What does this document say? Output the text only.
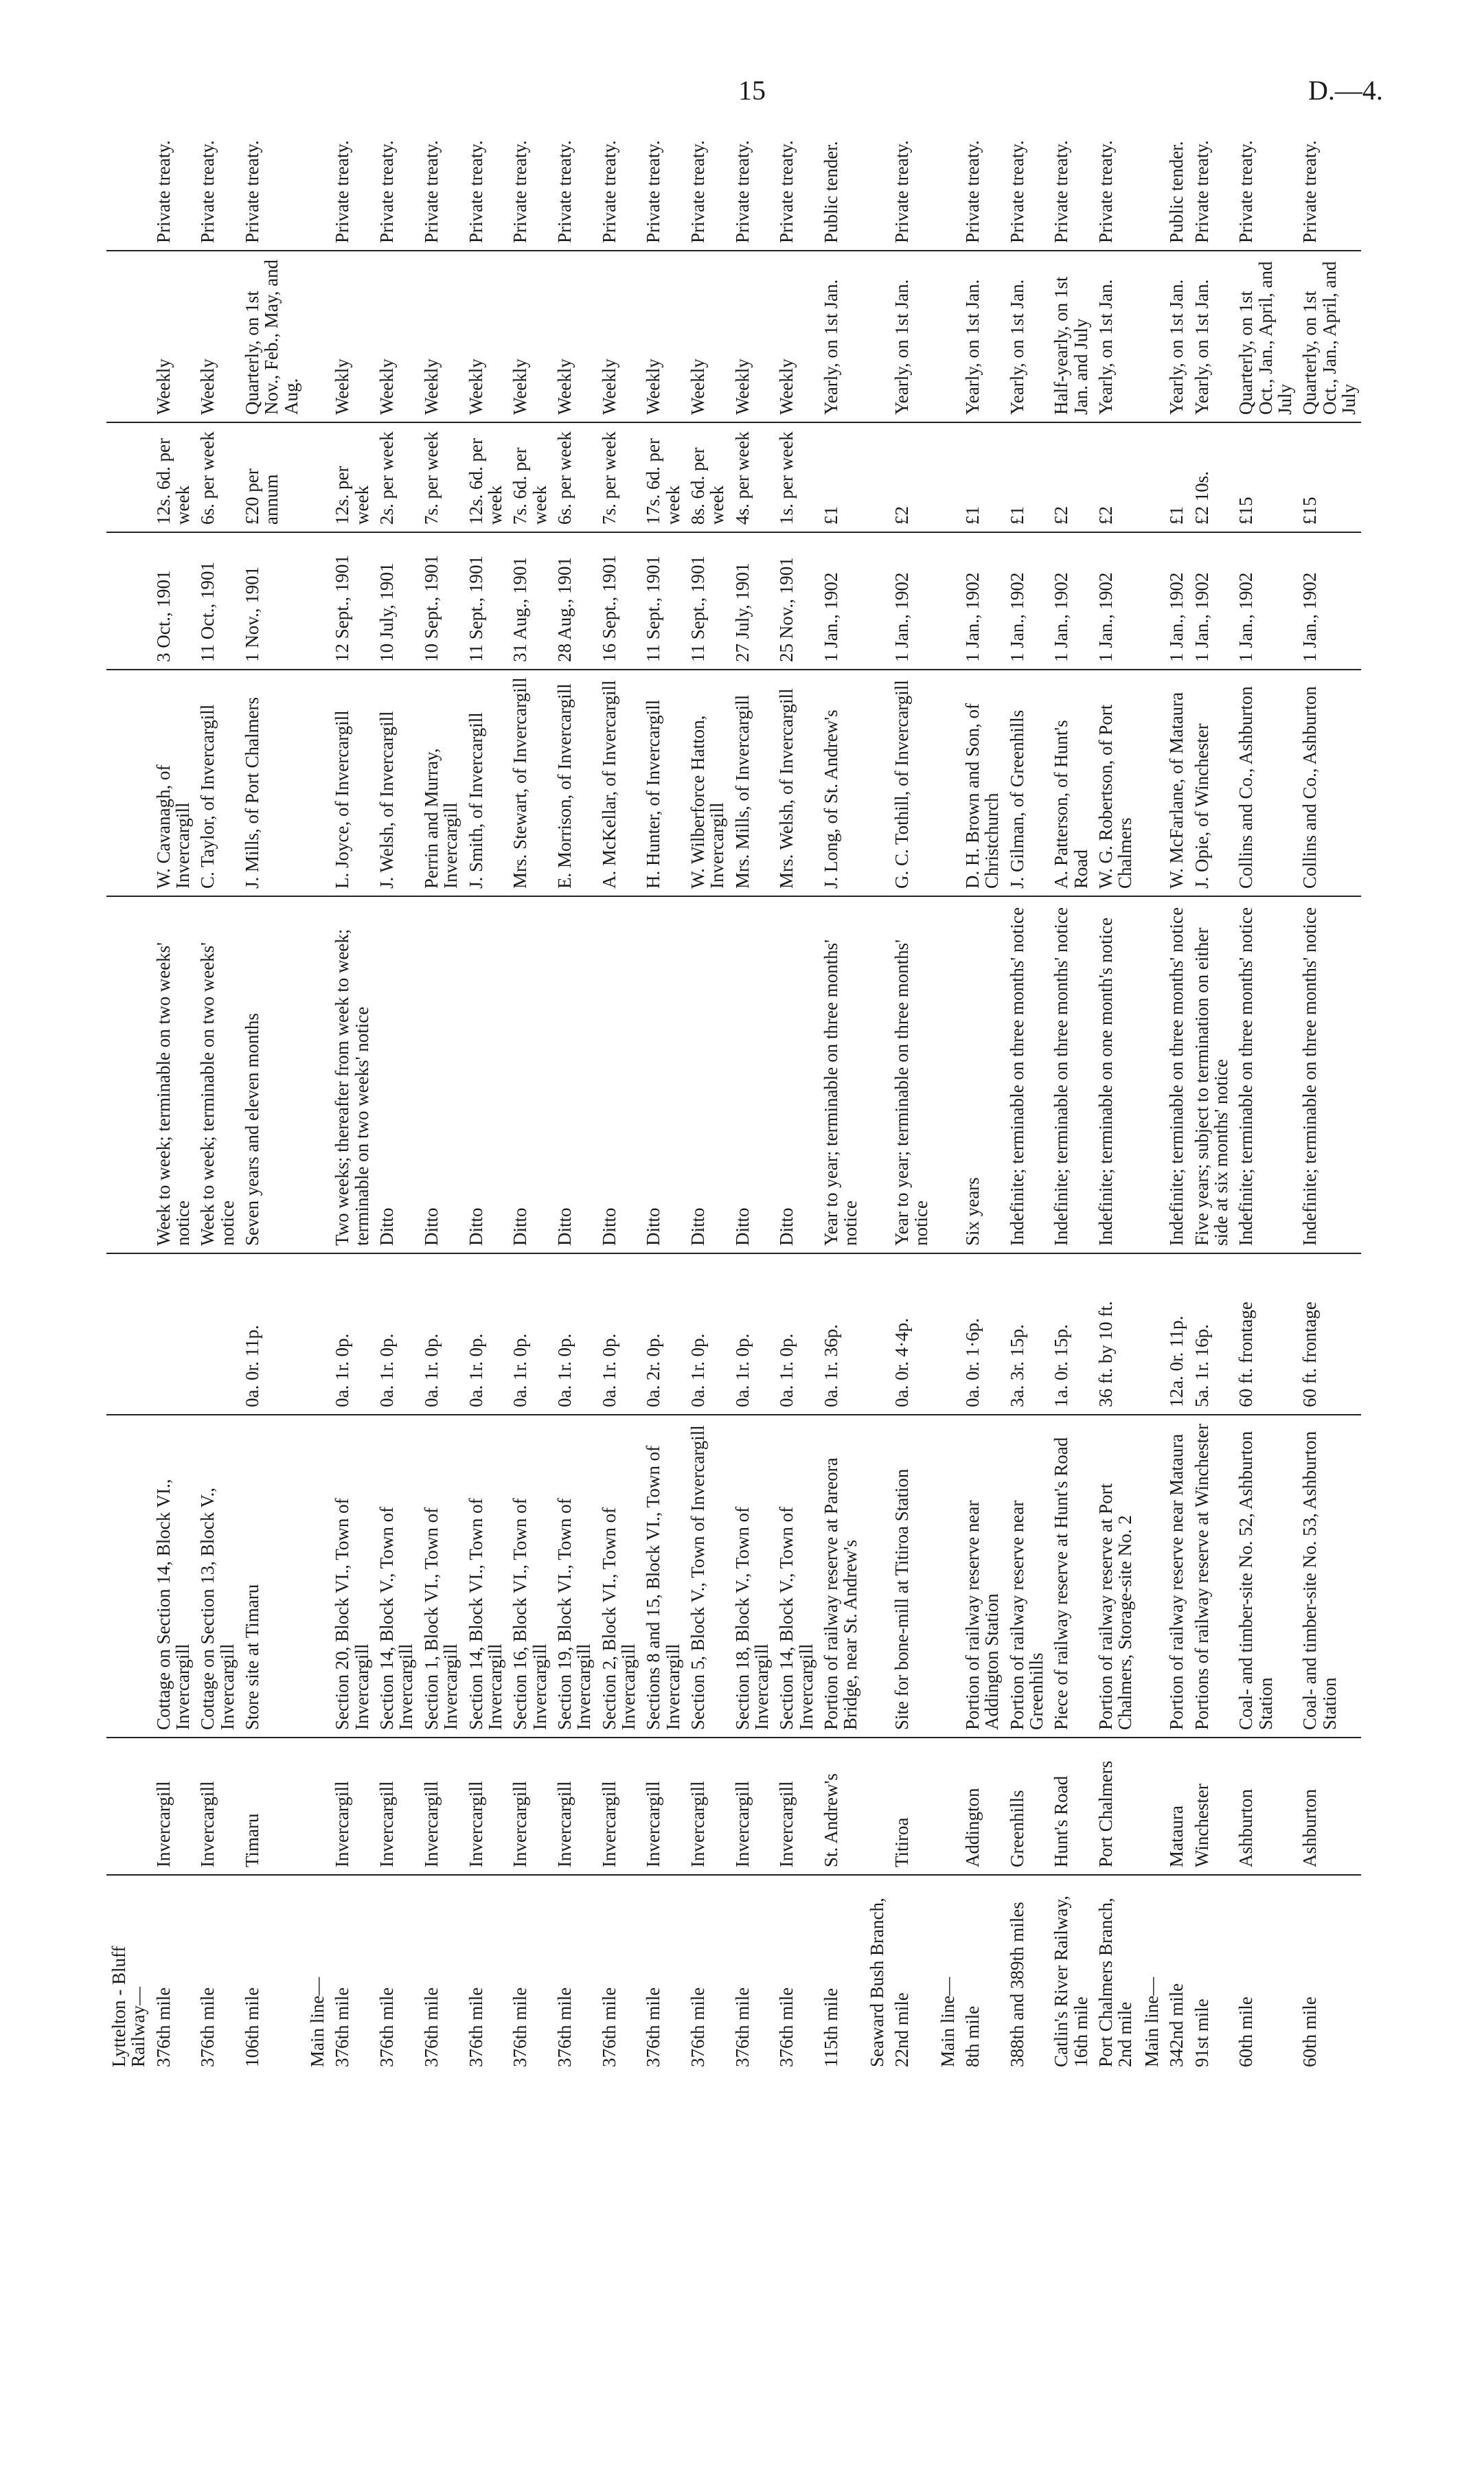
15	D.—4.
Lyttelton - Bluff Railway—									
376th mile	Invercargill	Cottage on Section 14, Block VI., Invercargill		Week to week; terminable on two weeks' notice	W. Cavanagh, of Invercargill	3 Oct., 1901	12s. 6d. per week	Weekly	Private treaty.
376th mile	Invercargill	Cottage on Section 13, Block V., Invercargill		Week to week; terminable on two weeks' notice	C. Taylor, of Invercargill	11 Oct., 1901	6s. per week	Weekly	Private treaty.
106th mile	Timaru	Store site at Timaru	0a. 0r. 11p.	Seven years and eleven months	J. Mills, of Port Chalmers	1 Nov., 1901	£20 per annum	Quarterly, on 1st Nov., Feb., May, and Aug.	Private treaty.
Main line—									
376th mile	Invercargill	Section 20, Block VI., Town of Invercargill	0a. 1r. 0p.	Two weeks; thereafter from week to week; terminable on two weeks' notice	L. Joyce, of Invercargill	12 Sept., 1901	12s. per week	Weekly	Private treaty.
376th mile	Invercargill	Section 14, Block V., Town of Invercargill	0a. 1r. 0p.	Ditto	J. Welsh, of Invercargill	10 July, 1901	2s. per week	Weekly	Private treaty.
376th mile	Invercargill	Section 1, Block VI., Town of Invercargill	0a. 1r. 0p.	Ditto	Perrin and Murray, Invercargill	10 Sept., 1901	7s. per week	Weekly	Private treaty.
376th mile	Invercargill	Section 14, Block VI., Town of Invercargill	0a. 1r. 0p.	Ditto	J. Smith, of Invercargill	11 Sept., 1901	12s. 6d. per week	Weekly	Private treaty.
376th mile	Invercargill	Section 16, Block VI., Town of Invercargill	0a. 1r. 0p.	Ditto	Mrs. Stewart, of Invercargill	31 Aug., 1901	7s. 6d. per week	Weekly	Private treaty.
376th mile	Invercargill	Section 19, Block VI., Town of Invercargill	0a. 1r. 0p.	Ditto	E. Morrison, of Invercargill	28 Aug., 1901	6s. per week	Weekly	Private treaty.
376th mile	Invercargill	Section 2, Block VI., Town of Invercargill	0a. 1r. 0p.	Ditto	A. McKellar, of Invercargill	16 Sept., 1901	7s. per week	Weekly	Private treaty.
376th mile	Invercargill	Sections 8 and 15, Block VI., Town of Invercargill	0a. 2r. 0p.	Ditto	H. Hunter, of Invercargill	11 Sept., 1901	17s. 6d. per week	Weekly	Private treaty.
376th mile	Invercargill	Section 5, Block V., Town of Invercargill	0a. 1r. 0p.	Ditto	W. Wilberforce Hatton, Invercargill	11 Sept., 1901	8s. 6d. per week	Weekly	Private treaty.
376th mile	Invercargill	Section 18, Block V., Town of Invercargill	0a. 1r. 0p.	Ditto	Mrs. Mills, of Invercargill	27 July, 1901	4s. per week	Weekly	Private treaty.
376th mile	Invercargill	Section 14, Block V., Town of Invercargill	0a. 1r. 0p.	Ditto	Mrs. Welsh, of Invercargill	25 Nov., 1901	1s. per week	Weekly	Private treaty.
115th mile	St. Andrew's	Portion of railway reserve at Pareora Bridge, near St. Andrew's	0a. 1r. 36p.	Year to year; terminable on three months' notice	J. Long, of St. Andrew's	1 Jan., 1902	£1	Yearly, on 1st Jan.	Public tender.
Seaward Bush Branch,									
22nd mile	Titiroa	Site for bone-mill at Titiroa Station	0a. 0r. 4·4p.	Year to year; terminable on three months' notice	G. C. Tothill, of Invercargill	1 Jan., 1902	£2	Yearly, on 1st Jan.	Private treaty.
Main line—									
8th mile	Addington	Portion of railway reserve near Addington Station	0a. 0r. 1·6p.	Six years	D. H. Brown and Son, of Christchurch	1 Jan., 1902	£1	Yearly, on 1st Jan.	Private treaty.
388th and 389th miles	Greenhills	Portion of railway reserve near Greenhills	3a. 3r. 15p.	Indefinite; terminable on three months' notice	J. Gilman, of Greenhills	1 Jan., 1902	£1	Yearly, on 1st Jan.	Private treaty.
Catlin's River Railway, 16th mile	Hunt's Road	Piece of railway reserve at Hunt's Road	1a. 0r. 15p.	Indefinite; terminable on three months' notice	A. Patterson, of Hunt's Road	1 Jan., 1902	£2	Half-yearly, on 1st Jan. and July	Private treaty.
Port Chalmers Branch, 2nd mile	Port Chalmers	Portion of railway reserve at Port Chalmers, Storage-site No. 2	36 ft. by 10 ft.	Indefinite; terminable on one month's notice	W. G. Robertson, of Port Chalmers	1 Jan., 1902	£2	Yearly, on 1st Jan.	Private treaty.
Main line—									
342nd mile	Mataura	Portion of railway reserve near Mataura	12a. 0r. 11p.	Indefinite; terminable on three months' notice	W. McFarlane, of Mataura	1 Jan., 1902	£1	Yearly, on 1st Jan.	Public tender.
91st mile	Winchester	Portions of railway reserve at Winchester	5a. 1r. 16p.	Five years; subject to termination on either side at six months' notice	J. Opie, of Winchester	1 Jan., 1902	£2 10s.	Yearly, on 1st Jan.	Private treaty.
60th mile	Ashburton	Coal- and timber-site No. 52, Ashburton Station	60 ft. frontage	Indefinite; terminable on three months' notice	Collins and Co., Ashburton	1 Jan., 1902	£15	Quarterly, on 1st Oct., Jan., April, and July	Private treaty.
60th mile	Ashburton	Coal- and timber-site No. 53, Ashburton Station	60 ft. frontage	Indefinite; terminable on three months' notice	Collins and Co., Ashburton	1 Jan., 1902	£15	Quarterly, on 1st Oct., Jan., April, and July	Private treaty.
